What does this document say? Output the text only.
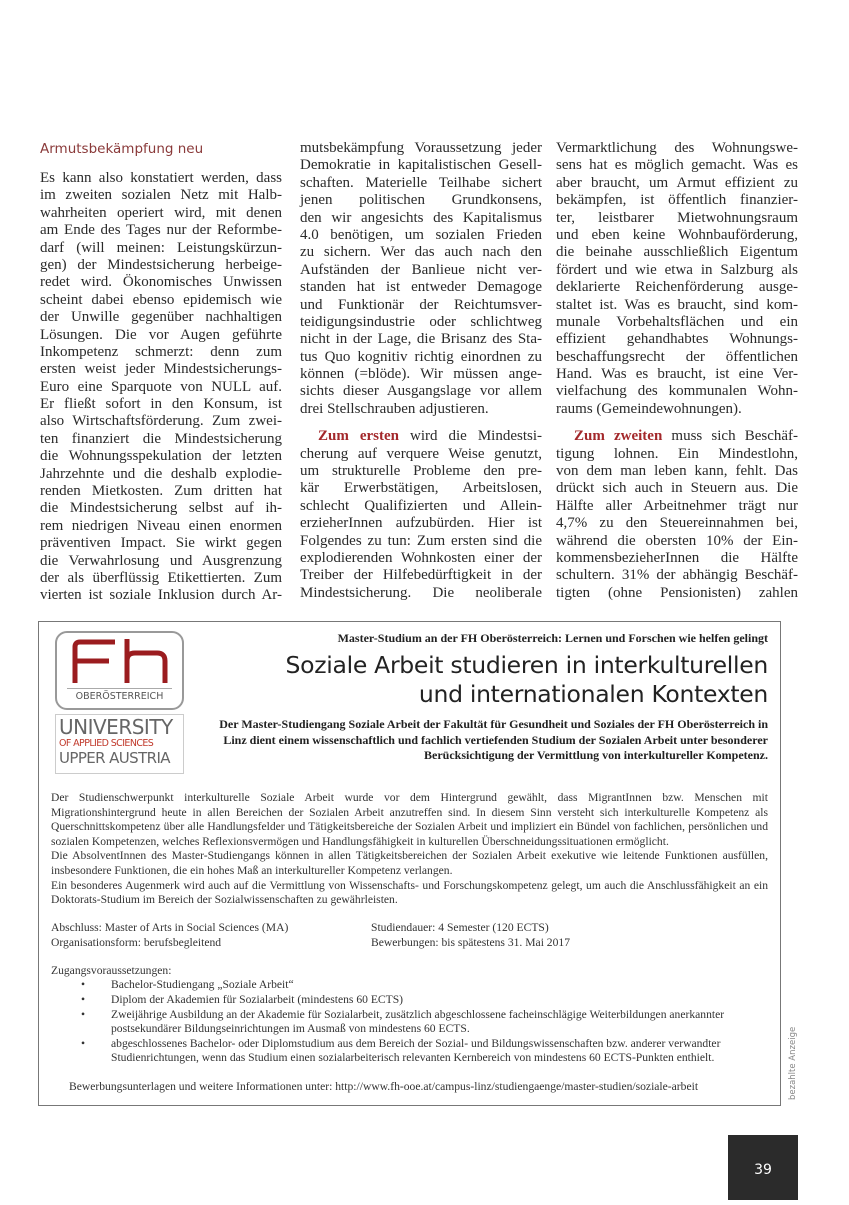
Armutsbekämpfung neu
Es kann also konstatiert werden, dass
im zweiten sozialen Netz mit Halb-
wahrheiten operiert wird, mit denen
am Ende des Tages nur der Reformbe-
darf (will meinen: Leistungskürzun-
gen) der Mindestsicherung herbeige-
redet wird. Ökonomisches Unwissen
scheint dabei ebenso epidemisch wie
der Unwille gegenüber nachhaltigen
Lösungen. Die vor Augen geführte
Inkompetenz schmerzt: denn zum
ersten weist jeder Mindestsicherungs-
Euro eine Sparquote von NULL auf.
Er fließt sofort in den Konsum, ist
also Wirtschaftsförderung. Zum zwei-
ten finanziert die Mindestsicherung
die Wohnungsspekulation der letzten
Jahrzehnte und die deshalb explodie-
renden Mietkosten. Zum dritten hat
die Mindestsicherung selbst auf ih-
rem niedrigen Niveau einen enormen
präventiven Impact. Sie wirkt gegen
die Verwahrlosung und Ausgrenzung
der als überflüssig Etikettierten. Zum
vierten ist soziale Inklusion durch Ar-
mutsbekämpfung Voraussetzung jeder
Demokratie in kapitalistischen Gesell-
schaften. Materielle Teilhabe sichert
jenen politischen Grundkonsens,
den wir angesichts des Kapitalismus
4.0 benötigen, um sozialen Frieden
zu sichern. Wer das auch nach den
Aufständen der Banlieue nicht ver-
standen hat ist entweder Demagoge
und Funktionär der Reichtumsver-
teidigungsindustrie oder schlichtweg
nicht in der Lage, die Brisanz des Sta-
tus Quo kognitiv richtig einordnen zu
können (=blöde). Wir müssen ange-
sichts dieser Ausgangslage vor allem
drei Stellschrauben adjustieren.
Zum ersten wird die Mindestsi-
cherung auf verquere Weise genutzt,
um strukturelle Probleme den pre-
kär Erwerbstätigen, Arbeitslosen,
schlecht Qualifizierten und Allein-
erzieherInnen aufzubürden. Hier ist
Folgendes zu tun: Zum ersten sind die
explodierenden Wohnkosten einer der
Treiber der Hilfebedürftigkeit in der
Mindestsicherung. Die neoliberale
Vermarktlichung des Wohnungswe-
sens hat es möglich gemacht. Was es
aber braucht, um Armut effizient zu
bekämpfen, ist öffentlich finanzier-
ter, leistbarer Mietwohnungsraum
und eben keine Wohnbauförderung,
die beinahe ausschließlich Eigentum
fördert und wie etwa in Salzburg als
deklarierte Reichenförderung ausge-
staltet ist. Was es braucht, sind kom-
munale Vorbehaltsflächen und ein
effizient gehandhabtes Wohnungs-
beschaffungsrecht der öffentlichen
Hand. Was es braucht, ist eine Ver-
vielfachung des kommunalen Wohn-
raums (Gemeindewohnungen).
Zum zweiten muss sich Beschäf-
tigung lohnen. Ein Mindestlohn,
von dem man leben kann, fehlt. Das
drückt sich auch in Steuern aus. Die
Hälfte aller Arbeitnehmer trägt nur
4,7% zu den Steuereinnahmen bei,
während die obersten 10% der Ein-
kommensbezieherInnen die Hälfte
schultern. 31% der abhängig Beschäf-
tigten (ohne Pensionisten) zahlen
OBERÖSTERREICH
UNIVERSITY
OF APPLIED SCIENCES
UPPER AUSTRIA
Master-Studium an der FH Oberösterreich: Lernen und Forschen wie helfen gelingt
Soziale Arbeit studieren in interkulturellen
und internationalen Kontexten
Der Master-Studiengang Soziale Arbeit der Fakultät für Gesundheit und Soziales der FH Oberösterreich in Linz dient einem wissenschaftlich und fachlich vertiefenden Studium der Sozialen Arbeit unter besonderer Berücksichtigung der Vermittlung von interkultureller Kompetenz.
Der Studienschwerpunkt interkulturelle Soziale Arbeit wurde vor dem Hintergrund gewählt, dass MigrantInnen bzw. Menschen mit Migrationshintergrund heute in allen Bereichen der Sozialen Arbeit anzutreffen sind. In diesem Sinn versteht sich interkulturelle Kompetenz als Querschnittskompetenz über alle Handlungsfelder und Tätigkeitsbereiche der Sozialen Arbeit und impliziert ein Bündel von fachlichen, persönlichen und sozialen Kompetenzen, welches Reflexionsvermögen und Handlungsfähigkeit in kulturellen Überschneidungssituationen ermöglicht.
Die AbsolventInnen des Master-Studiengangs können in allen Tätigkeitsbereichen der Sozialen Arbeit exekutive wie leitende Funktionen ausfüllen, insbesondere Funktionen, die ein hohes Maß an interkultureller Kompetenz verlangen.
Ein besonderes Augenmerk wird auch auf die Vermittlung von Wissenschafts- und Forschungskompetenz gelegt, um auch die Anschlussfähigkeit an ein Doktorats-Studium im Bereich der Sozialwissenschaften zu gewährleisten.
Abschluss: Master of Arts in Social Sciences (MA)	Studiendauer: 4 Semester (120 ECTS)
Organisationsform: berufsbegleitend	Bewerbungen: bis spätestens 31. Mai 2017
Zugangsvoraussetzungen:
• Bachelor-Studiengang „Soziale Arbeit“
• Diplom der Akademien für Sozialarbeit (mindestens 60 ECTS)
• Zweijährige Ausbildung an der Akademie für Sozialarbeit, zusätzlich abgeschlossene facheinschlägige Weiterbildungen anerkannter postsekundärer Bildungseinrichtungen im Ausmaß von mindestens 60 ECTS.
• abgeschlossenes Bachelor- oder Diplomstudium aus dem Bereich der Sozial- und Bildungswissenschaften bzw. anderer verwandter Studienrichtungen, wenn das Studium einen sozialarbeiterisch relevanten Kernbereich von mindestens 60 ECTS-Punkten enthielt.
Bewerbungsunterlagen und weitere Informationen unter: http://www.fh-ooe.at/campus-linz/studiengaenge/master-studien/soziale-arbeit	bezahlte Anzeige
39
